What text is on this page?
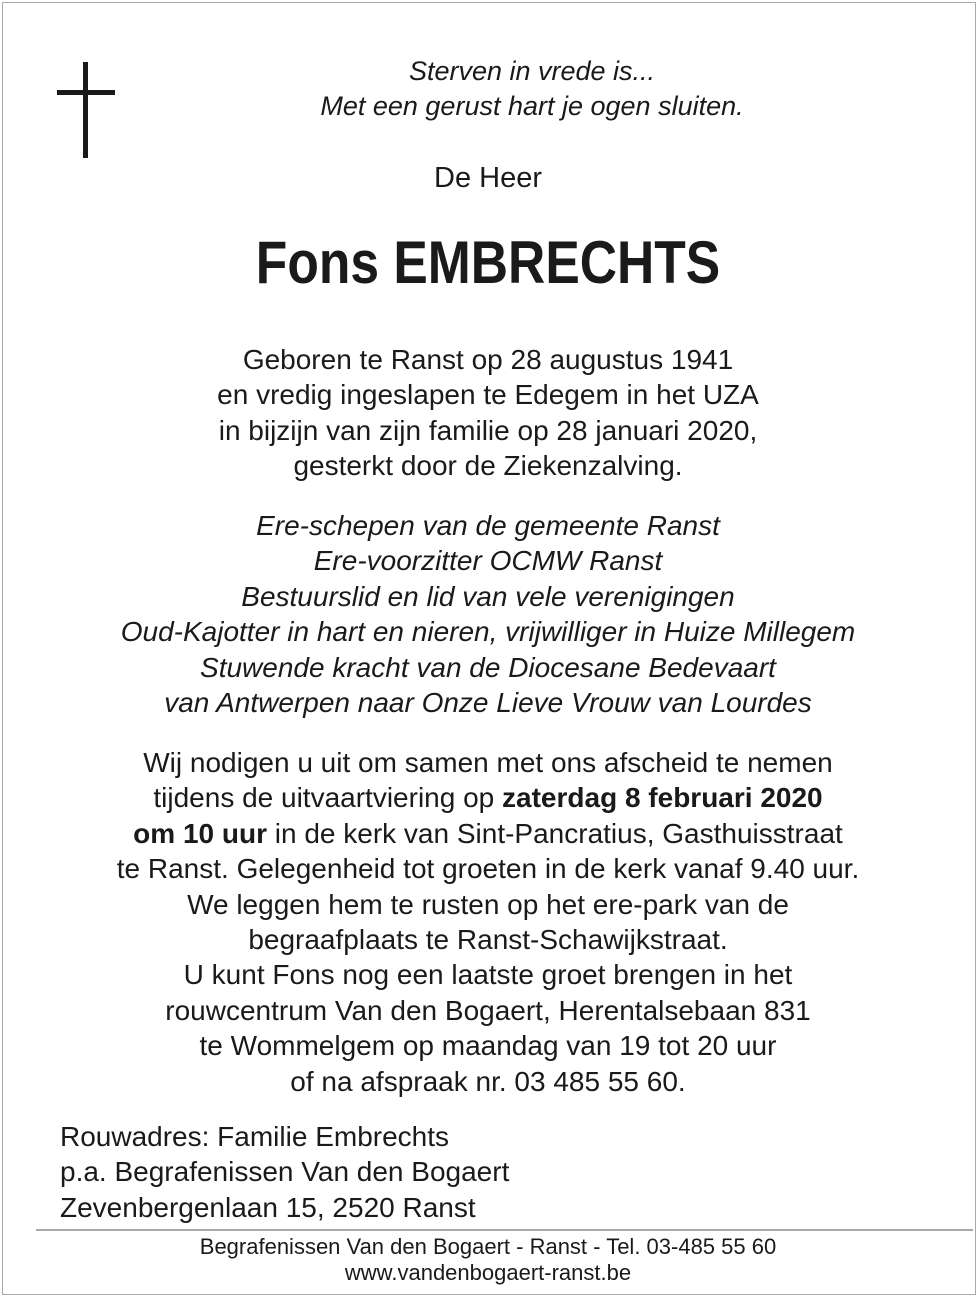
Sterven in vrede is...
Met een gerust hart je ogen sluiten.
De Heer
Fons EMBRECHTS
Geboren te Ranst op 28 augustus 1941
en vredig ingeslapen te Edegem in het UZA
in bijzijn van zijn familie op 28 januari 2020,
gesterkt door de Ziekenzalving.
Ere-schepen van de gemeente Ranst
Ere-voorzitter OCMW Ranst
Bestuurslid en lid van vele verenigingen
Oud-Kajotter in hart en nieren, vrijwilliger in Huize Millegem
Stuwende kracht van de Diocesane Bedevaart
van Antwerpen naar Onze Lieve Vrouw van Lourdes
Wij nodigen u uit om samen met ons afscheid te nemen
tijdens de uitvaartviering op zaterdag 8 februari 2020
om 10 uur in de kerk van Sint-Pancratius, Gasthuisstraat
te Ranst. Gelegenheid tot groeten in de kerk vanaf 9.40 uur.
We leggen hem te rusten op het ere-park van de
begraafplaats te Ranst-Schawijkstraat.
U kunt Fons nog een laatste groet brengen in het
rouwcentrum Van den Bogaert, Herentalsebaan 831
te Wommelgem op maandag van 19 tot 20 uur
of na afspraak nr. 03 485 55 60.
Rouwadres: Familie Embrechts
p.a. Begrafenissen Van den Bogaert
Zevenbergenlaan 15, 2520 Ranst
Begrafenissen Van den Bogaert - Ranst - Tel. 03-485 55 60
www.vandenbogaert-ranst.be
